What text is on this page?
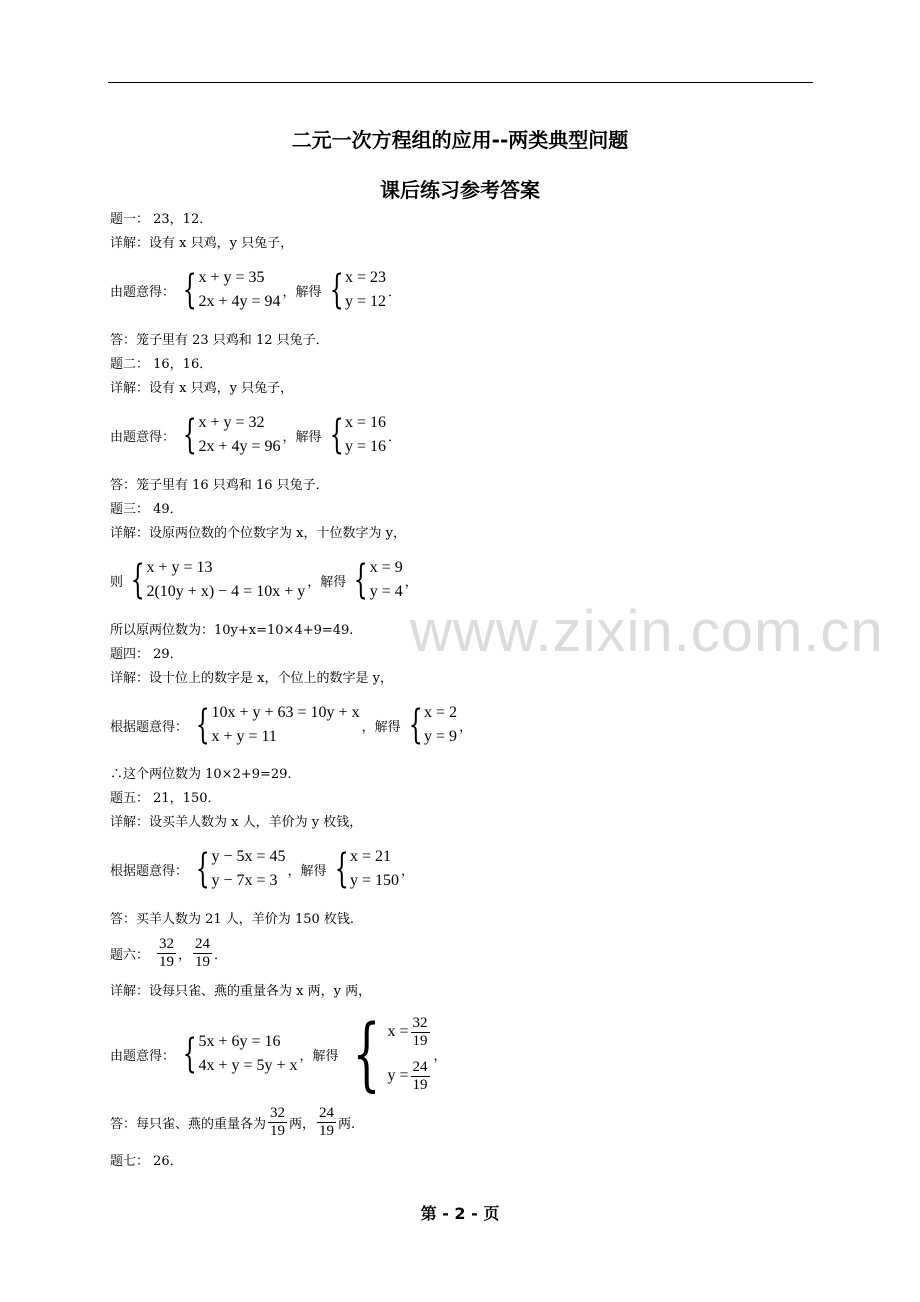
二元一次方程组的应用--两类典型问题
课后练习参考答案
www.zixin.com.cn
题一： 23，12．
详解：设有 x 只鸡，y 只兔子，
由题意得： { x + y = 35
2x + 4y = 94
，解得 { x = 23
y = 12
．
答：笼子里有 23 只鸡和 12 只兔子．
题二： 16，16．
详解：设有 x 只鸡，y 只兔子，
由题意得： { x + y = 32
2x + 4y = 96
，解得 { x = 16
y = 16
．
答：笼子里有 16 只鸡和 16 只兔子．
题三： 49．
详解：设原两位数的个位数字为 x，十位数字为 y，
则 { x + y = 13
2(10y + x) − 4 = 10x + y
，解得 { x = 9
y = 4
，
所以原两位数为：10y+x=10×4+9=49.
题四： 29．
详解：设十位上的数字是 x，个位上的数字是 y，
根据题意得： { 10x + y + 63 = 10y + x
x + y = 11
，解得 { x = 2
y = 9
，
∴这个两位数为 10×2+9=29.
题五： 21，150．
详解：设买羊人数为 x 人，羊价为 y 枚钱，
根据题意得： { y − 5x = 45
y − 7x = 3
，解得 { x = 21
y = 150
，
答：买羊人数为 21 人，羊价为 150 枚钱.
题六： $\frac{32}{19}$ ， $\frac{24}{19}$ ．
详解：设每只雀、燕的重量各为 x 两，y 两，
由题意得： { 5x + 6y = 16
4x + y = 5y + x
，解得 { $x = \frac{32}{19}$
$y = \frac{24}{19}$
，
答：每只雀、燕的重量各为 $\frac{32}{19}$ 两， $\frac{24}{19}$ 两.
题七： 26．
第 - 2 - 页
